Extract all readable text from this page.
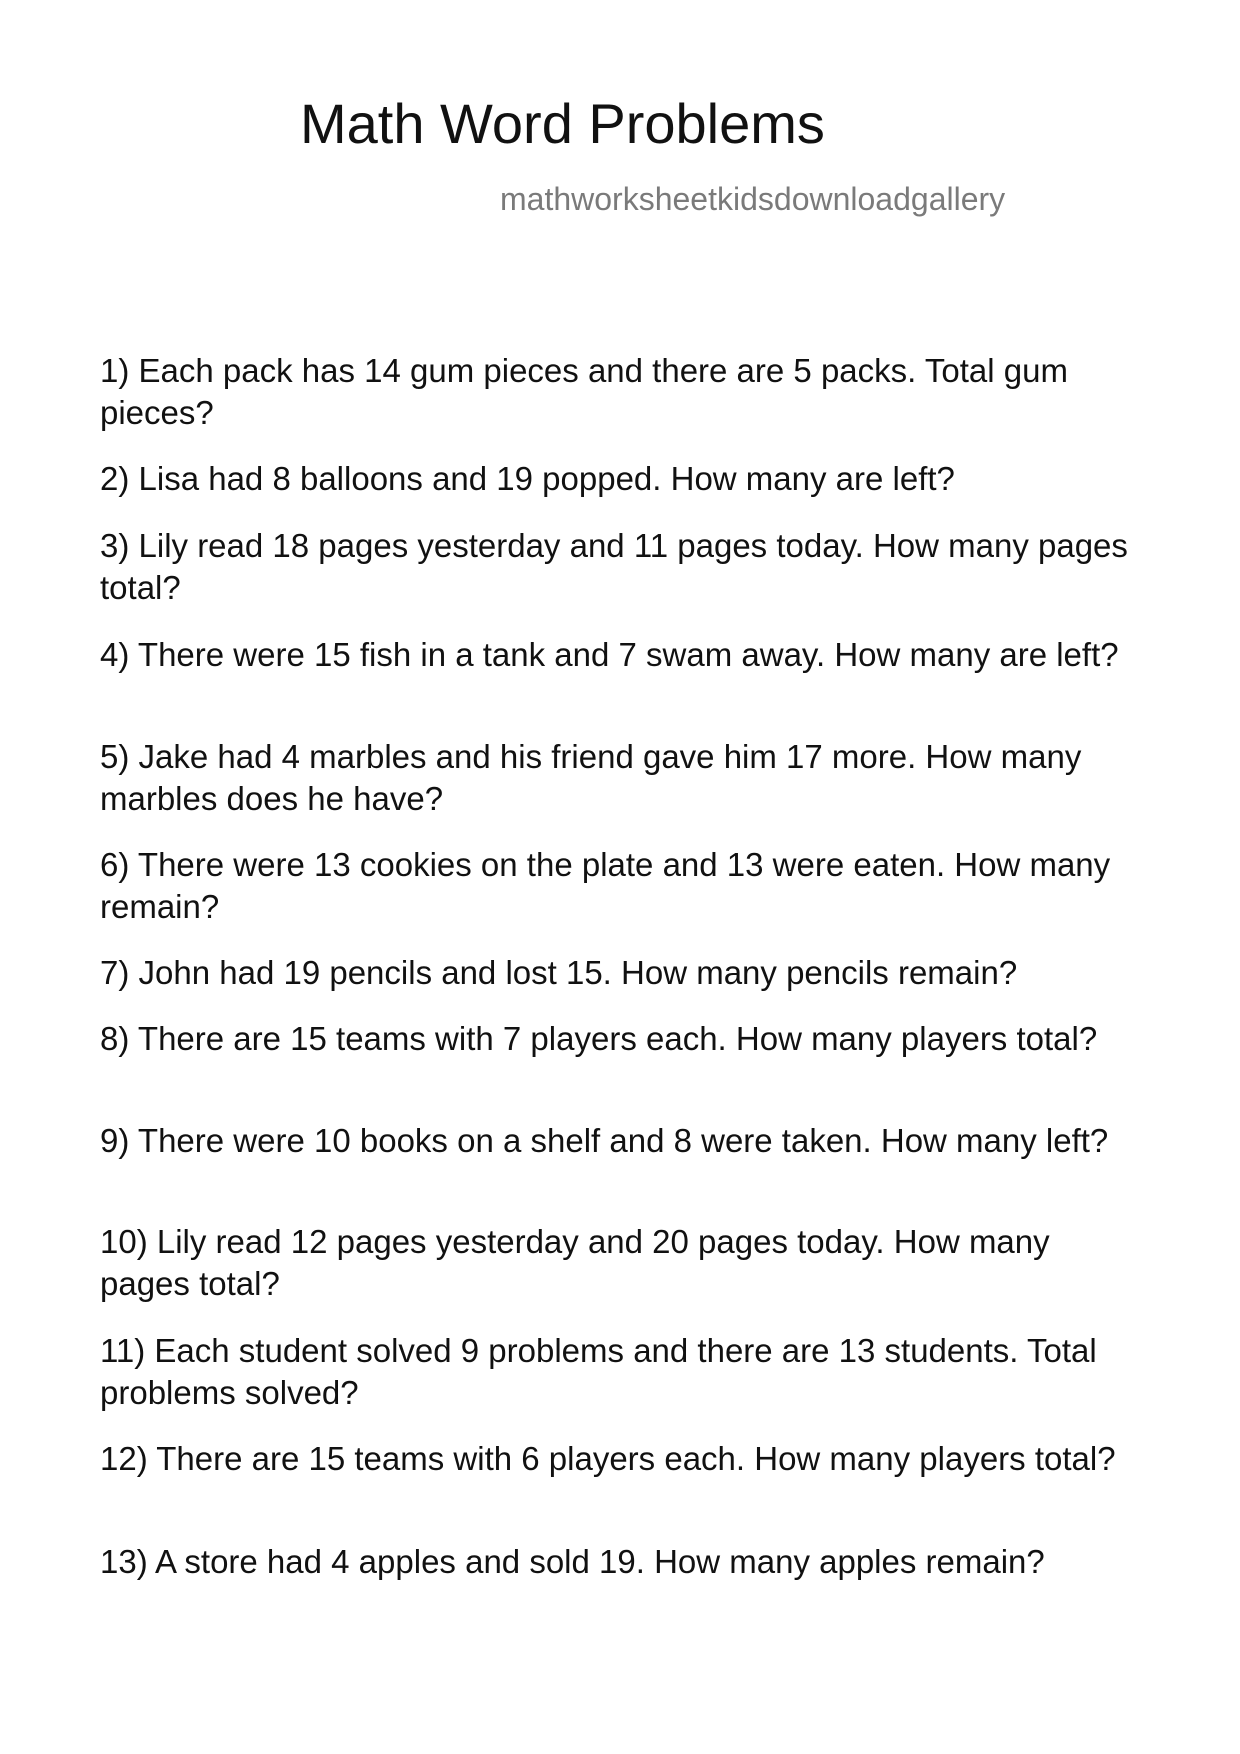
Math Word Problems
mathworksheetkidsdownloadgallery

1) Each pack has 14 gum pieces and there are 5 packs. Total gum pieces?

2) Lisa had 8 balloons and 19 popped. How many are left?

3) Lily read 18 pages yesterday and 11 pages today. How many pages total?

4) There were 15 fish in a tank and 7 swam away. How many are left?

5) Jake had 4 marbles and his friend gave him 17 more. How many marbles does he have?

6) There were 13 cookies on the plate and 13 were eaten. How many remain?

7) John had 19 pencils and lost 15. How many pencils remain?

8) There are 15 teams with 7 players each. How many players total?

9) There were 10 books on a shelf and 8 were taken. How many left?

10) Lily read 12 pages yesterday and 20 pages today. How many pages total?

11) Each student solved 9 problems and there are 13 students. Total problems solved?

12) There are 15 teams with 6 players each. How many players total?

13) A store had 4 apples and sold 19. How many apples remain?
